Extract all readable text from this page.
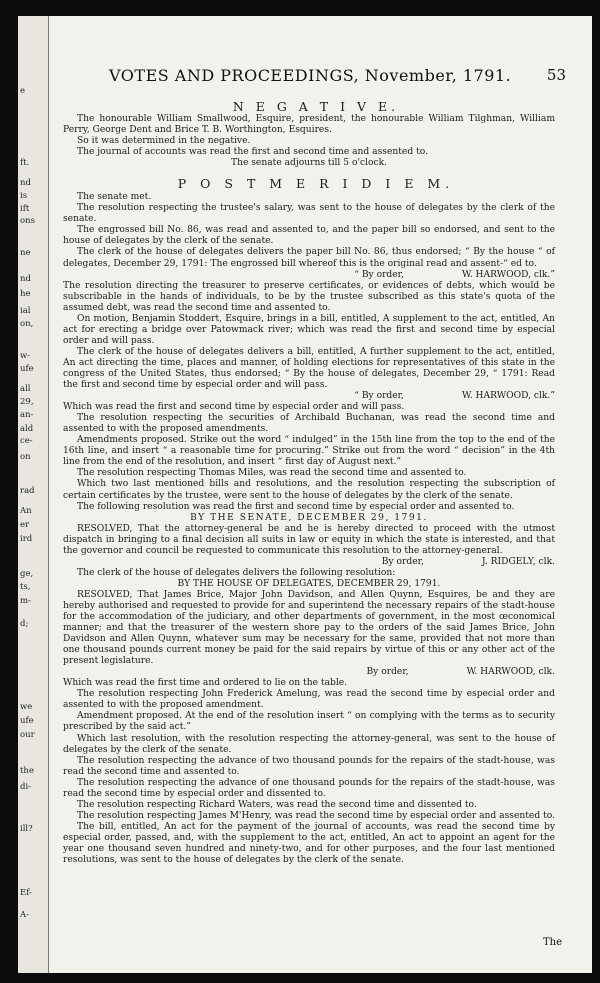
e
ft.
nd
is
ift
ons
ne
nd
he
ial
on,
w-
ufe
all
29,
an-
ald
ce-
on
rad
An
er
ird
ge,
ts,
m-
d;
we
ufe
our
the
di-
ill?
Ef-
A-
VOTES AND PROCEEDINGS, November, 1791. 53

N E G A T I V E.

The honourable William Smallwood, Esquire, president, the honourable William Tilghman, William Perry, George Dent and Brice T. B. Worthington, Esquires.

So it was determined in the negative.

The journal of accounts was read the first and second time and assented to.

The senate adjourns till 5 o'clock.

P O S T M E R I D I E M.

The senate met.

The resolution respecting the trustee's salary, was sent to the house of delegates by the clerk of the senate.

The engrossed bill No. 86, was read and assented to, and the paper bill so endorsed, and sent to the house of delegates by the clerk of the senate.

The clerk of the house of delegates delivers the paper bill No. 86, thus endorsed; “ By the house “ of delegates, December 29, 1791: The engrossed bill whereof this is the original read and assent-“ ed to.

“ By order,                    W. HARWOOD, clk.”

The resolution directing the treasurer to preserve certificates, or evidences of debts, which would be subscribable in the hands of individuals, to be by the trustee subscribed as this state's quota of the assumed debt, was read the second time and assented to.

On motion, Benjamin Stoddert, Esquire, brings in a bill, entitled, A supplement to the act, entitled, An act for erecting a bridge over Patowmack river; which was read the first and second time by especial order and will pass.

The clerk of the house of delegates delivers a bill, entitled, A further supplement to the act, entitled, An act directing the time, places and manner, of holding elections for representatives of this state in the congress of the United States, thus endorsed; “ By the house of delegates, December 29, “ 1791: Read the first and second time by especial order and will pass.

“ By order,                    W. HARWOOD, clk.”

Which was read the first and second time by especial order and will pass.

The resolution respecting the securities of Archibald Buchanan, was read the second time and assented to with the proposed amendments.

Amendments proposed. Strike out the word “ indulged” in the 15th line from the top to the end of the 16th line, and insert “ a reasonable time for procuring.” Strike out from the word “ decision” in the 4th line from the end of the resolution, and insert “ first day of August next.”

The resolution respecting Thomas Miles, was read the second time and assented to.

Which two last mentioned bills and resolutions, and the resolution respecting the subscription of certain certificates by the trustee, were sent to the house of delegates by the clerk of the senate.

The following resolution was read the first and second time by especial order and assented to.

BY THE SENATE, DECEMBER 29, 1791.

RESOLVED, That the attorney-general be and he is hereby directed to proceed with the utmost dispatch in bringing to a final decision all suits in law or equity in which the state is interested, and that the governor and council be requested to communicate this resolution to the attorney-general.

By order,                    J. RIDGELY, clk.

The clerk of the house of delegates delivers the following resolution:

BY THE HOUSE OF DELEGATES, DECEMBER 29, 1791.

RESOLVED, That James Brice, Major John Davidson, and Allen Quynn, Esquires, be and they are hereby authorised and requested to provide for and superintend the necessary repairs of the stadt-house for the accommodation of the judiciary, and other departments of government, in the most œconomical manner; and that the treasurer of the western shore pay to the orders of the said James Brice, John Davidson and Allen Quynn, whatever sum may be necessary for the same, provided that not more than one thousand pounds current money be paid for the said repairs by virtue of this or any other act of the present legislature.

By order,                    W. HARWOOD, clk.

Which was read the first time and ordered to lie on the table.

The resolution respecting John Frederick Amelung, was read the second time by especial order and assented to with the proposed amendment.

Amendment proposed. At the end of the resolution insert “ on complying with the terms as to security prescribed by the said act.”

Which last resolution, with the resolution respecting the attorney-general, was sent to the house of delegates by the clerk of the senate.

The resolution respecting the advance of two thousand pounds for the repairs of the stadt-house, was read the second time and assented to.

The resolution respecting the advance of one thousand pounds for the repairs of the stadt-house, was read the second time by especial order and dissented to.

The resolution respecting Richard Waters, was read the second time and dissented to.

The resolution respecting James M'Henry, was read the second time by especial order and assented to.

The bill, entitled, An act for the payment of the journal of accounts, was read the second time by especial order, passed, and, with the supplement to the act, entitled, An act to appoint an agent for the year one thousand seven hundred and ninety-two, and for other purposes, and the four last mentioned resolutions, was sent to the house of delegates by the clerk of the senate.

The
